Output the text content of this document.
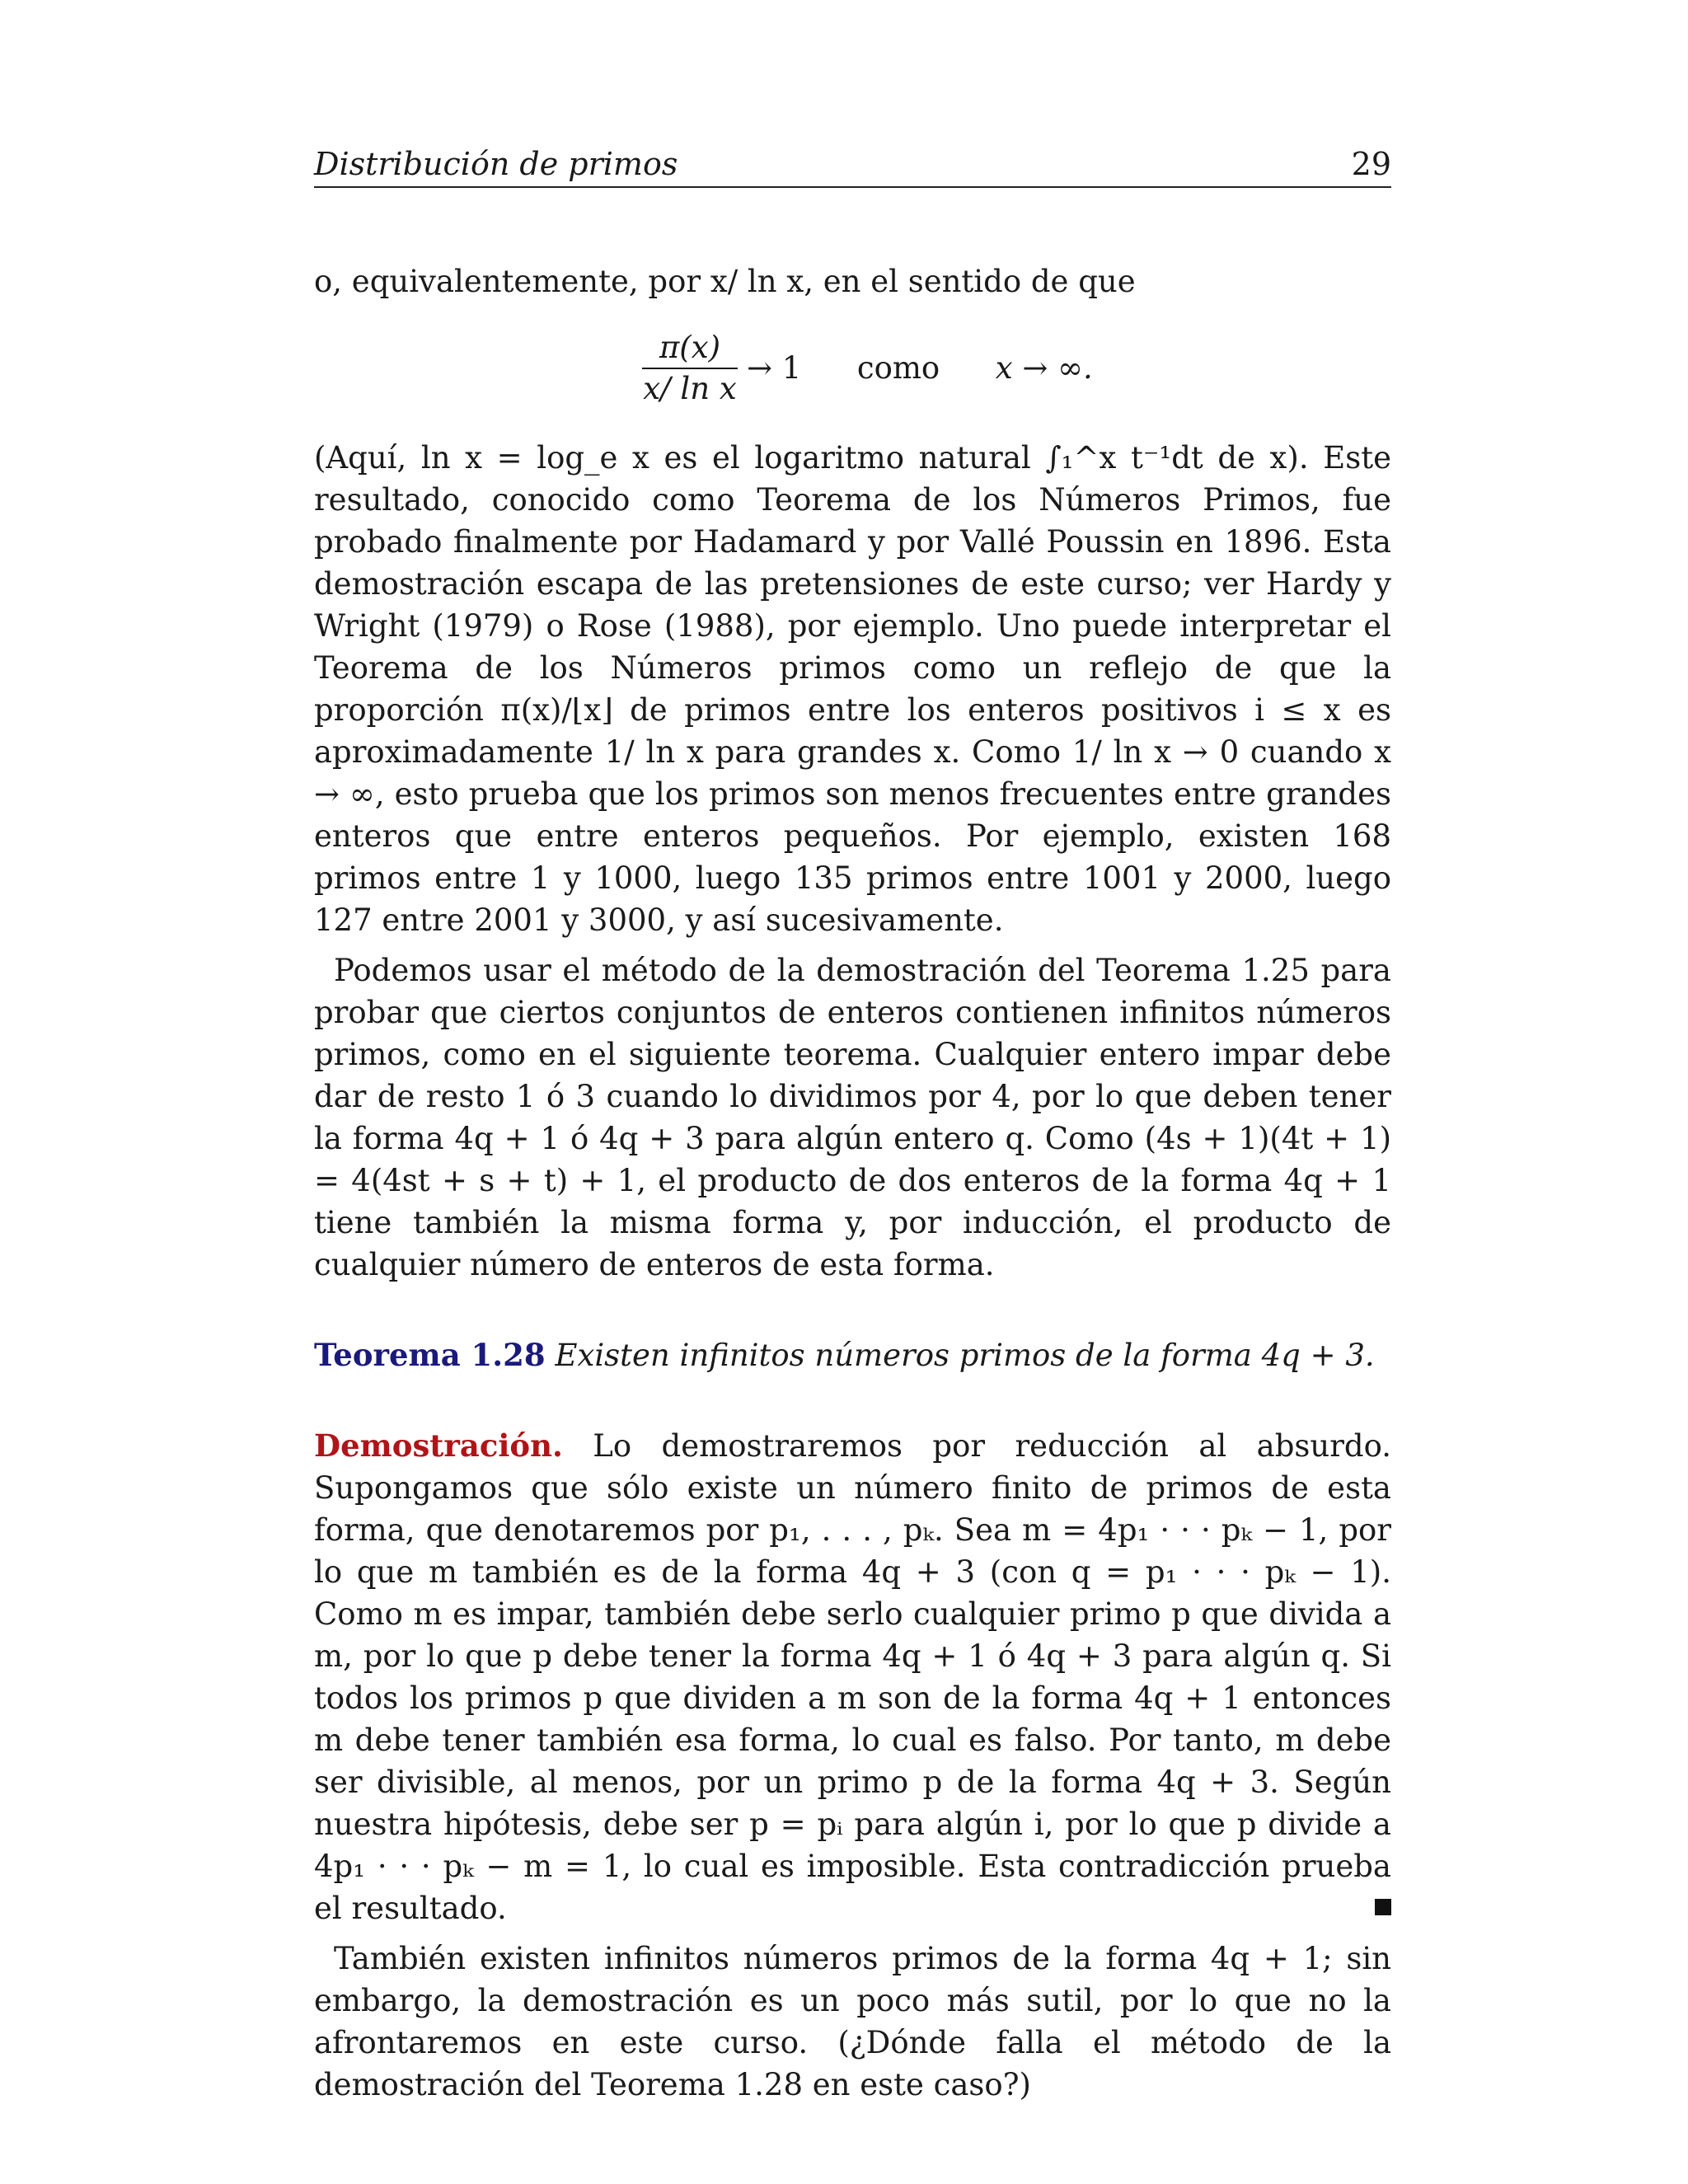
Distribución de primos	29

o, equivalentemente, por x/ ln x, en el sentido de que

π(x)
x/ ln x
→ 1 como x → ∞.

(Aquí, ln x = log_e x es el logaritmo natural ∫₁^x t⁻¹dt de x). Este resultado, conocido como Teorema de los Números Primos, fue probado finalmente por Hadamard y por Vallé Poussin en 1896. Esta demostración escapa de las pretensiones de este curso; ver Hardy y Wright (1979) o Rose (1988), por ejemplo. Uno puede interpretar el Teorema de los Números primos como un reflejo de que la proporción π(x)/⌊x⌋ de primos entre los enteros positivos i ≤ x es aproximadamente 1/ ln x para grandes x. Como 1/ ln x → 0 cuando x → ∞, esto prueba que los primos son menos frecuentes entre grandes enteros que entre enteros pequeños. Por ejemplo, existen 168 primos entre 1 y 1000, luego 135 primos entre 1001 y 2000, luego 127 entre 2001 y 3000, y así sucesivamente.

Podemos usar el método de la demostración del Teorema 1.25 para probar que ciertos conjuntos de enteros contienen infinitos números primos, como en el siguiente teorema. Cualquier entero impar debe dar de resto 1 ó 3 cuando lo dividimos por 4, por lo que deben tener la forma 4q + 1 ó 4q + 3 para algún entero q. Como (4s + 1)(4t + 1) = 4(4st + s + t) + 1, el producto de dos enteros de la forma 4q + 1 tiene también la misma forma y, por inducción, el producto de cualquier número de enteros de esta forma.

Teorema 1.28 Existen infinitos números primos de la forma 4q + 3.

Demostración. Lo demostraremos por reducción al absurdo. Supongamos que sólo existe un número finito de primos de esta forma, que denotaremos por p₁, . . . , pₖ. Sea m = 4p₁ · · · pₖ − 1, por lo que m también es de la forma 4q + 3 (con q = p₁ · · · pₖ − 1). Como m es impar, también debe serlo cualquier primo p que divida a m, por lo que p debe tener la forma 4q + 1 ó 4q + 3 para algún q. Si todos los primos p que dividen a m son de la forma 4q + 1 entonces m debe tener también esa forma, lo cual es falso. Por tanto, m debe ser divisible, al menos, por un primo p de la forma 4q + 3. Según nuestra hipótesis, debe ser p = pᵢ para algún i, por lo que p divide a 4p₁ · · · pₖ − m = 1, lo cual es imposible. Esta contradicción prueba el resultado.

También existen infinitos números primos de la forma 4q + 1; sin embargo, la demostración es un poco más sutil, por lo que no la afrontaremos en este curso. (¿Dónde falla el método de la demostración del Teorema 1.28 en este caso?)
